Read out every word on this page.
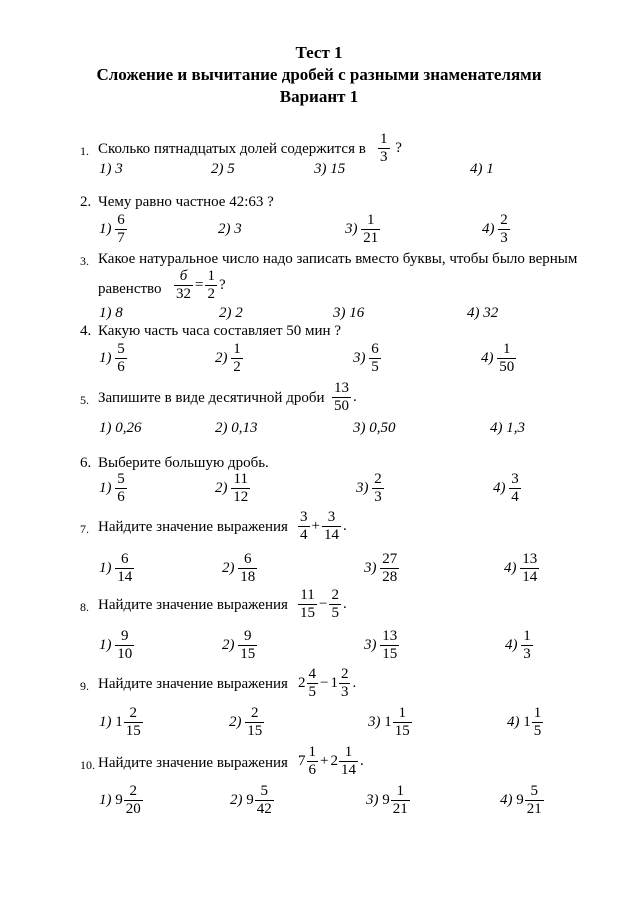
Тест 1
Сложение и вычитание дробей с разными знаменателями
Вариант 1
1. Сколько пятнадцатых долей содержится в $\frac{1}{3}$ ?
1) 3	2) 5	3) 15	4) 1
2. Чему равно частное 42:63 ?
$1) \frac{6}{7}$	2) 3	$3) \frac{1}{21}$	$4) \frac{2}{3}$
3. Какое натуральное число надо записать вместо буквы, чтобы было верным
равенство $\frac{б}{32} = \frac{1}{2}$ ?
1) 8	2) 2	3) 16	4) 32
4. Какую часть часа составляет 50 мин ?
$1) \frac{5}{6}$	$2) \frac{1}{2}$	$3) \frac{6}{5}$	$4) \frac{1}{50}$
5. Запишите в виде десятичной дроби $\frac{13}{50}$ .
1) 0,26	2) 0,13	3) 0,50	4) 1,3
6. Выберите большую дробь.
$1) \frac{5}{6}$	$2) \frac{11}{12}$	$3) \frac{2}{3}$	$4) \frac{3}{4}$
7. Найдите значение выражения $\frac{3}{4} + \frac{3}{14}$ .
$1) \frac{6}{14}$	$2) \frac{6}{18}$	$3) \frac{27}{28}$	$4) \frac{13}{14}$
8. Найдите значение выражения $\frac{11}{15} - \frac{2}{5}$ .
$1) \frac{9}{10}$	$2) \frac{9}{15}$	$3) \frac{13}{15}$	$4) \frac{1}{3}$
9. Найдите значение выражения $2 \frac{4}{5} - 1 \frac{2}{3}$ .
1) $1 \frac{2}{15}$	$2) \frac{2}{15}$	3) $1 \frac{1}{15}$	4) $1 \frac{1}{5}$
10. Найдите значение выражения $7 \frac{1}{6} + 2 \frac{1}{14}$ .
1) $9 \frac{2}{20}$	2) $9 \frac{5}{42}$	3) $9 \frac{1}{21}$	4) $9 \frac{5}{21}$
